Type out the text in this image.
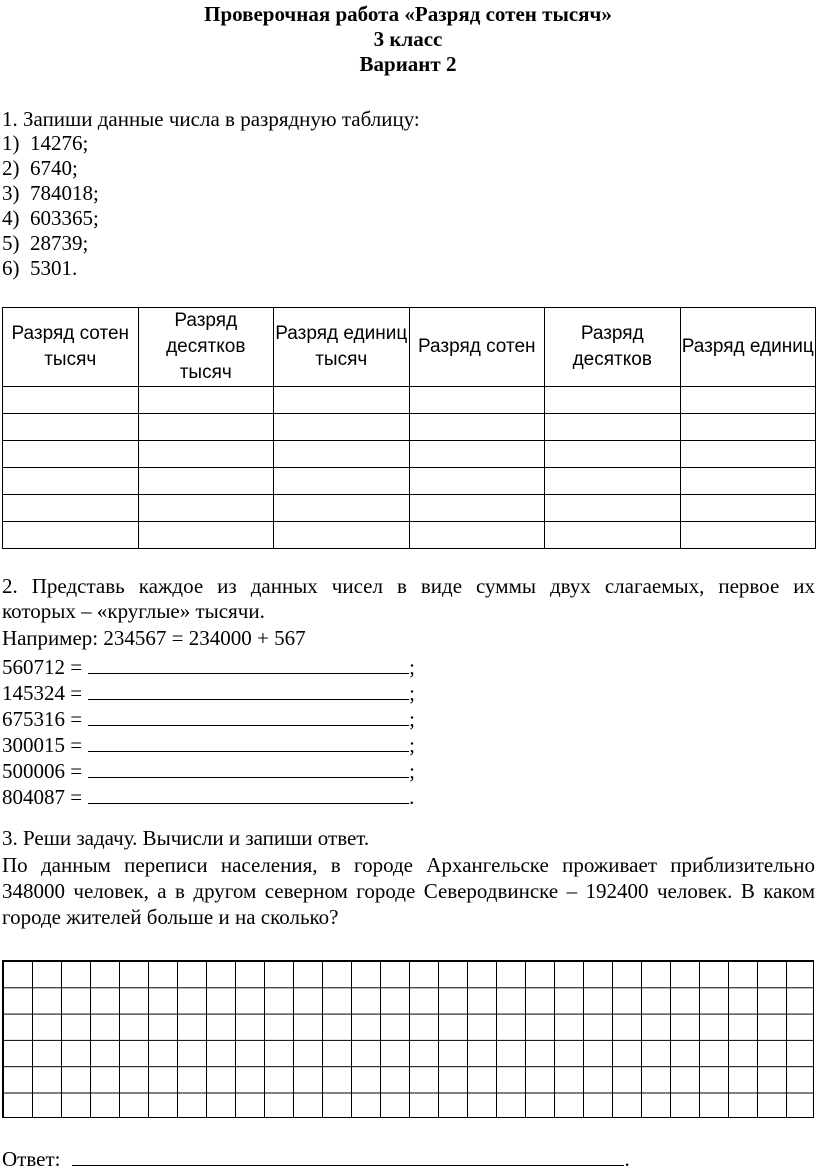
Проверочная работа «Разряд сотен тысяч»
3 класс
Вариант 2
1. Запиши данные числа в разрядную таблицу:
1) 14276;
2) 6740;
3) 784018;
4) 603365;
5) 28739;
6) 5301.
Разряд сотен тысяч	Разряд десятков тысяч	Разряд единиц тысяч	Разряд сотен	Разряд десятков	Разряд единиц

2. Представь каждое из данных чисел в виде суммы двух слагаемых, первое их
которых – «круглые» тысячи.
Например: 234567 = 234000 + 567
560712 =	;
145324 =	;
675316 =	;
300015 =	;
500006 =	;
804087 =	.
3. Реши задачу. Вычисли и запиши ответ.
По данным переписи населения, в городе Архангельске проживает приблизительно
348000 человек, а в другом северном городе Северодвинске – 192400 человек. В каком
городе жителей больше и на сколько?
Ответ:	.
